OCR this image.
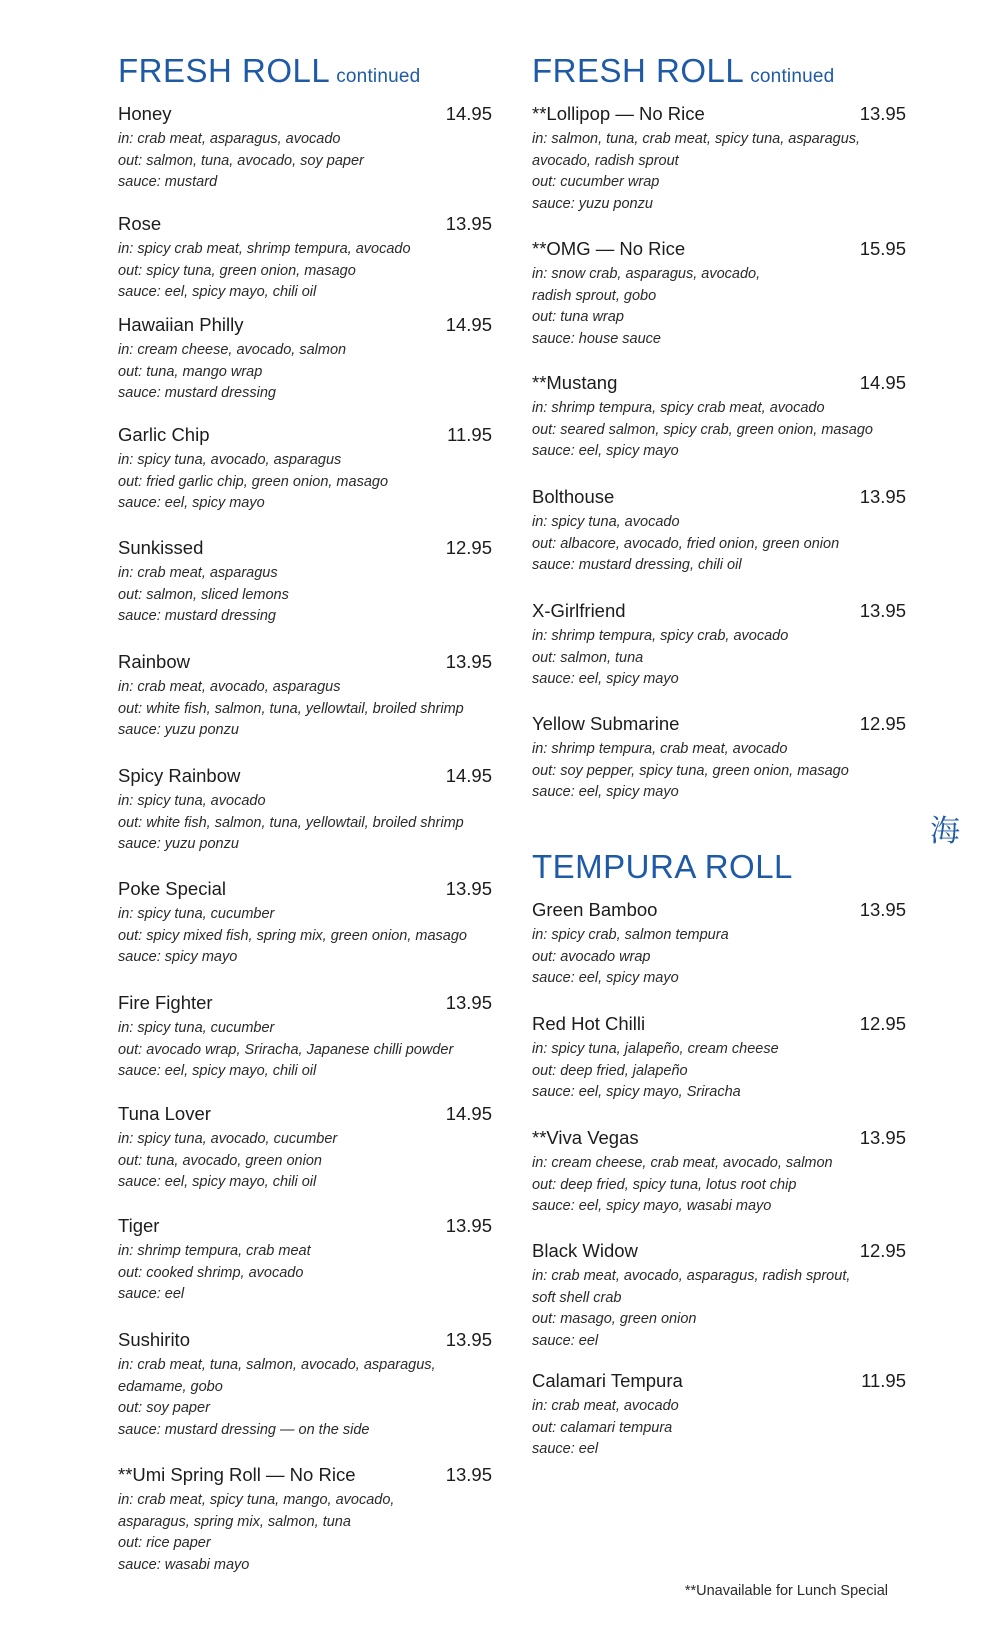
FRESH ROLL continued
Honey	14.95
in: crab meat, asparagus, avocado
out: salmon, tuna, avocado, soy paper
sauce: mustard
Rose	13.95
in: spicy crab meat, shrimp tempura, avocado
out: spicy tuna, green onion, masago
sauce: eel, spicy mayo, chili oil
Hawaiian Philly	14.95
in: cream cheese, avocado, salmon
out: tuna, mango wrap
sauce: mustard dressing
Garlic Chip	11.95
in: spicy tuna, avocado, asparagus
out: fried garlic chip, green onion, masago
sauce: eel, spicy mayo
Sunkissed	12.95
in: crab meat, asparagus
out: salmon, sliced lemons
sauce: mustard dressing
Rainbow	13.95
in: crab meat, avocado, asparagus
out: white fish, salmon, tuna, yellowtail, broiled shrimp
sauce: yuzu ponzu
Spicy Rainbow	14.95
in: spicy tuna, avocado
out: white fish, salmon, tuna, yellowtail, broiled shrimp
sauce: yuzu ponzu
Poke Special	13.95
in: spicy tuna, cucumber
out: spicy mixed fish, spring mix, green onion, masago
sauce: spicy mayo
Fire Fighter	13.95
in: spicy tuna, cucumber
out: avocado wrap, Sriracha, Japanese chilli powder
sauce: eel, spicy mayo, chili oil
Tuna Lover	14.95
in: spicy tuna, avocado, cucumber
out: tuna, avocado, green onion
sauce: eel, spicy mayo, chili oil
Tiger	13.95
in: shrimp tempura, crab meat
out: cooked shrimp, avocado
sauce: eel
Sushirito	13.95
in: crab meat, tuna, salmon, avocado, asparagus,
edamame, gobo
out: soy paper
sauce: mustard dressing — on the side
**Umi Spring Roll — No Rice	13.95
in: crab meat, spicy tuna, mango, avocado,
asparagus, spring mix, salmon, tuna
out: rice paper
sauce: wasabi mayo
FRESH ROLL continued
**Lollipop — No Rice	13.95
in: salmon, tuna, crab meat, spicy tuna, asparagus,
avocado, radish sprout
out: cucumber wrap
sauce: yuzu ponzu
**OMG — No Rice	15.95
in: snow crab, asparagus, avocado,
radish sprout, gobo
out: tuna wrap
sauce: house sauce
**Mustang	14.95
in: shrimp tempura, spicy crab meat, avocado
out: seared salmon, spicy crab, green onion, masago
sauce: eel, spicy mayo
Bolthouse	13.95
in: spicy tuna, avocado
out: albacore, avocado, fried onion, green onion
sauce: mustard dressing, chili oil
X-Girlfriend	13.95
in: shrimp tempura, spicy crab, avocado
out: salmon, tuna
sauce: eel, spicy mayo
Yellow Submarine	12.95
in: shrimp tempura, crab meat, avocado
out: soy pepper, spicy tuna, green onion, masago
sauce: eel, spicy mayo
TEMPURA ROLL
Green Bamboo	13.95
in: spicy crab, salmon tempura
out: avocado wrap
sauce: eel, spicy mayo
Red Hot Chilli	12.95
in: spicy tuna, jalapeño, cream cheese
out: deep fried, jalapeño
sauce: eel, spicy mayo, Sriracha
**Viva Vegas	13.95
in: cream cheese, crab meat, avocado, salmon
out: deep fried, spicy tuna, lotus root chip
sauce: eel, spicy mayo, wasabi mayo
Black Widow	12.95
in: crab meat, avocado, asparagus, radish sprout,
soft shell crab
out: masago, green onion
sauce: eel
Calamari Tempura	11.95
in: crab meat, avocado
out: calamari tempura
sauce: eel
海
**Unavailable for Lunch Special
